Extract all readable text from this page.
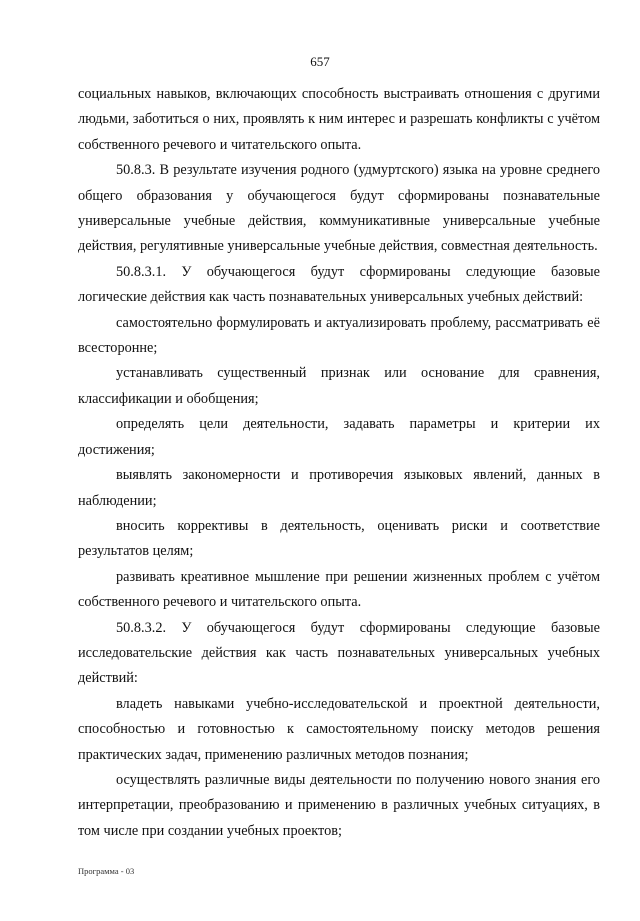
657

социальных навыков, включающих способность выстраивать отношения с другими людьми, заботиться о них, проявлять к ним интерес и разрешать конфликты с учётом собственного речевого и читательского опыта.

50.8.3. В результате изучения родного (удмуртского) языка на уровне среднего общего образования у обучающегося будут сформированы познавательные универсальные учебные действия, коммуникативные универсальные учебные действия, регулятивные универсальные учебные действия, совместная деятельность.

50.8.3.1. У обучающегося будут сформированы следующие базовые логические действия как часть познавательных универсальных учебных действий:

самостоятельно формулировать и актуализировать проблему, рассматривать её всесторонне;

устанавливать существенный признак или основание для сравнения, классификации и обобщения;

определять цели деятельности, задавать параметры и критерии их достижения;

выявлять закономерности и противоречия языковых явлений, данных в наблюдении;

вносить коррективы в деятельность, оценивать риски и соответствие результатов целям;

развивать креативное мышление при решении жизненных проблем с учётом собственного речевого и читательского опыта.

50.8.3.2. У обучающегося будут сформированы следующие базовые исследовательские действия как часть познавательных универсальных учебных действий:

владеть навыками учебно-исследовательской и проектной деятельности, способностью и готовностью к самостоятельному поиску методов решения практических задач, применению различных методов познания;

осуществлять различные виды деятельности по получению нового знания его интерпретации, преобразованию и применению в различных учебных ситуациях, в том числе при создании учебных проектов;

Программа - 03
